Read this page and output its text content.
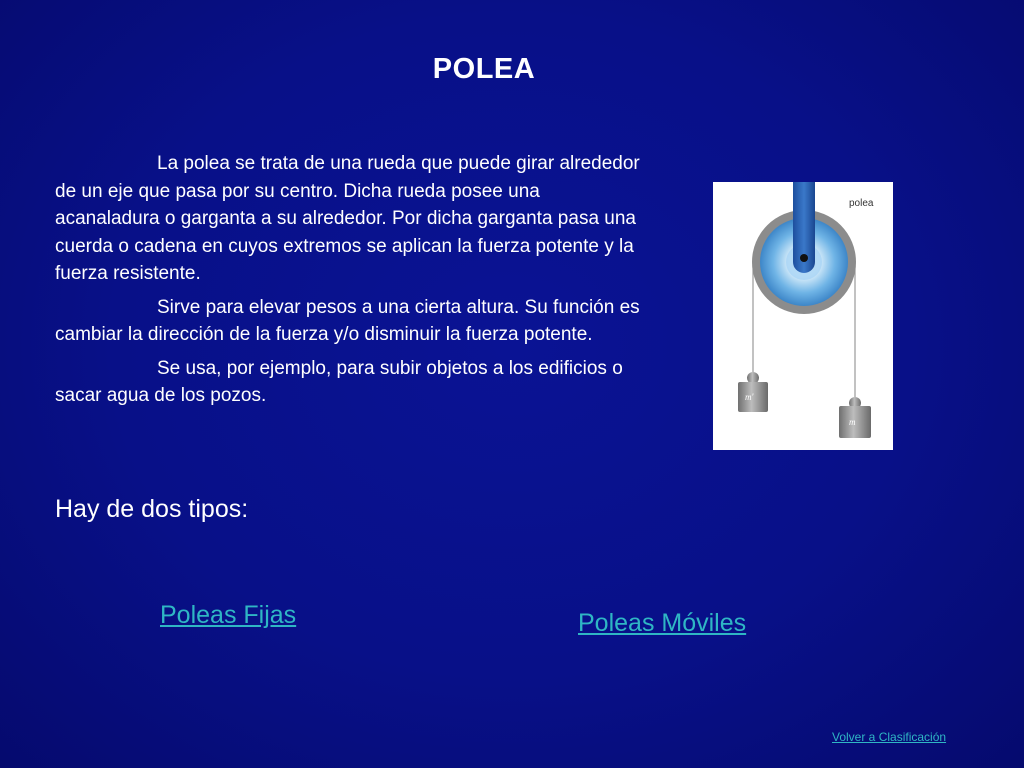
POLEA

La polea se trata de una rueda que puede girar alrededor de un eje que pasa por su centro. Dicha rueda posee una acanaladura o garganta a su alrededor. Por dicha garganta pasa una cuerda o cadena en cuyos extremos se aplican la fuerza potente y la fuerza resistente.

Sirve para elevar pesos a una cierta altura. Su función es cambiar la dirección de la fuerza y/o disminuir la fuerza potente.

Se usa, por ejemplo, para subir objetos a los edificios o sacar agua de los pozos.

Hay de dos tipos:

Poleas Fijas	Poleas Móviles
Volver a Clasificación
polea
m'
m
